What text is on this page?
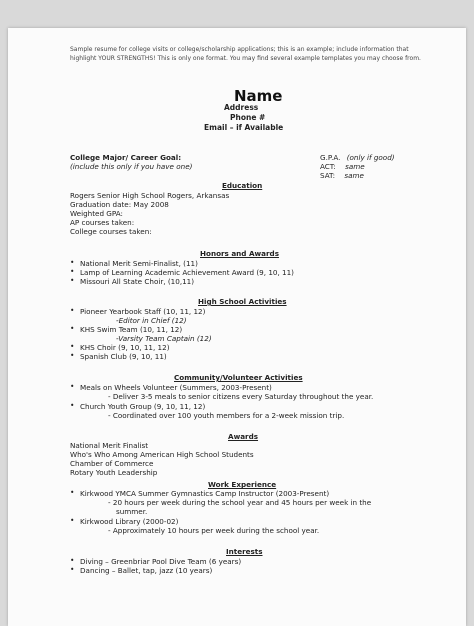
Sample resume for college visits or college/scholarship applications; this is an example; include information that highlight YOUR STRENGTHS! This is only one format. You may find several example templates you may choose from.
Name
Address
Phone #
Email – if Available
College Major/ Career Goal:
(include this only if you have one)
G.P.A. (only if good)
ACT: same
SAT: same
Education
Rogers Senior High School Rogers, Arkansas
Graduation date: May 2008
Weighted GPA:
AP courses taken:
College courses taken:
Honors and Awards
• National Merit Semi-Finalist, (11)
• Lamp of Learning Academic Achievement Award (9, 10, 11)
• Missouri All State Choir, (10,11)
High School Activities
• Pioneer Yearbook Staff (10, 11, 12)
-Editor in Chief (12)
• KHS Swim Team (10, 11, 12)
-Varsity Team Captain (12)
• KHS Choir (9, 10, 11, 12)
• Spanish Club (9, 10, 11)
Community/Volunteer Activities
• Meals on Wheels Volunteer (Summers, 2003-Present)
- Deliver 3-5 meals to senior citizens every Saturday throughout the year.
• Church Youth Group (9, 10, 11, 12)
- Coordinated over 100 youth members for a 2-week mission trip.
Awards
National Merit Finalist
Who's Who Among American High School Students
Chamber of Commerce
Rotary Youth Leadership
Work Experience
• Kirkwood YMCA Summer Gymnastics Camp Instructor (2003-Present)
- 20 hours per week during the school year and 45 hours per week in the
summer.
• Kirkwood Library (2000-02)
- Approximately 10 hours per week during the school year.
Interests
• Diving – Greenbriar Pool Dive Team (6 years)
• Dancing – Ballet, tap, jazz (10 years)
